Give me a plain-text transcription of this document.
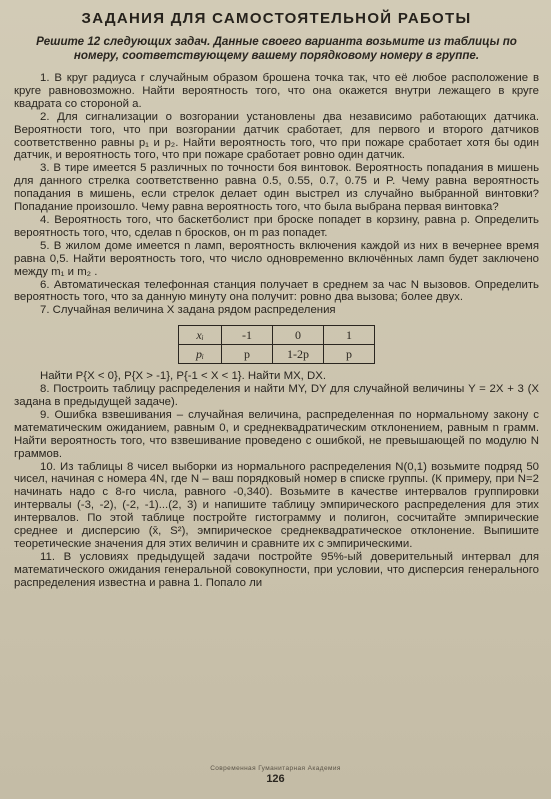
ЗАДАНИЯ ДЛЯ САМОСТОЯТЕЛЬНОЙ РАБОТЫ
Решите 12 следующих задач. Данные своего варианта возьмите из таблицы по номеру, соответствующему вашему порядковому номеру в группе.

1. В круг радиуса r случайным образом брошена точка так, что её любое расположение в круге равновозможно. Найти вероятность того, что она окажется внутри лежащего в круге квадрата со стороной a.

2. Для сигнализации о возгорании установлены два независимо работающих датчика. Вероятности того, что при возгорании датчик сработает, для первого и второго датчиков соответственно равны p₁ и p₂. Найти вероятность того, что при пожаре сработает хотя бы один датчик, и вероятность того, что при пожаре сработает ровно один датчик.

3. В тире имеется 5 различных по точности боя винтовок. Вероятность попадания в мишень для данного стрелка соответственно равна 0.5, 0.55, 0.7, 0.75 и P. Чему равна вероятность попадания в мишень, если стрелок делает один выстрел из случайно выбранной винтовки? Попадание произошло. Чему равна вероятность того, что была выбрана первая винтовка?

4. Вероятность того, что баскетболист при броске попадет в корзину, равна p. Определить вероятность того, что, сделав n бросков, он m раз попадет.

5. В жилом доме имеется n ламп, вероятность включения каждой из них в вечернее время равна 0,5. Найти вероятность того, что число одновременно включённых ламп будет заключено между m₁ и m₂ .

6. Автоматическая телефонная станция получает в среднем за час N вызовов. Определить вероятность того, что за данную минуту она получит: ровно два вызова; более двух.

7. Случайная величина X задана рядом распределения

xᵢ	-1	0	1
pᵢ	p	1-2p	p

Найти P{X < 0}, P{X > -1}, P{-1 < X < 1}. Найти MX, DX.

8. Построить таблицу распределения и найти MY, DY для случайной величины Y = 2X + 3 (X задана в предыдущей задаче).

9. Ошибка взвешивания – случайная величина, распределенная по нормальному закону с математическим ожиданием, равным 0, и среднеквадратическим отклонением, равным n грамм. Найти вероятность того, что взвешивание проведено с ошибкой, не превышающей по модулю N граммов.

10. Из таблицы 8 чисел выборки из нормального распределения N(0,1) возьмите подряд 50 чисел, начиная с номера 4N, где N – ваш порядковый номер в списке группы. (К примеру, при N=2 начинать надо с 8-го числа, равного -0,340). Возьмите в качестве интервалов группировки интервалы (-3, -2), (-2, -1)...(2, 3) и напишите таблицу эмпирического распределения для этих интервалов. По этой таблице постройте гистограмму и полигон, сосчитайте эмпирические среднее и дисперсию (x̄, S²), эмпирическое среднеквадратическое отклонение. Выпишите теоретические значения для этих величин и сравните их с эмпирическими.

11. В условиях предыдущей задачи постройте 95%-ый доверительный интервал для математического ожидания генеральной совокупности, при условии, что дисперсия генерального распределения известна и равна 1. Попало ли

Современная Гуманитарная Академия
126
